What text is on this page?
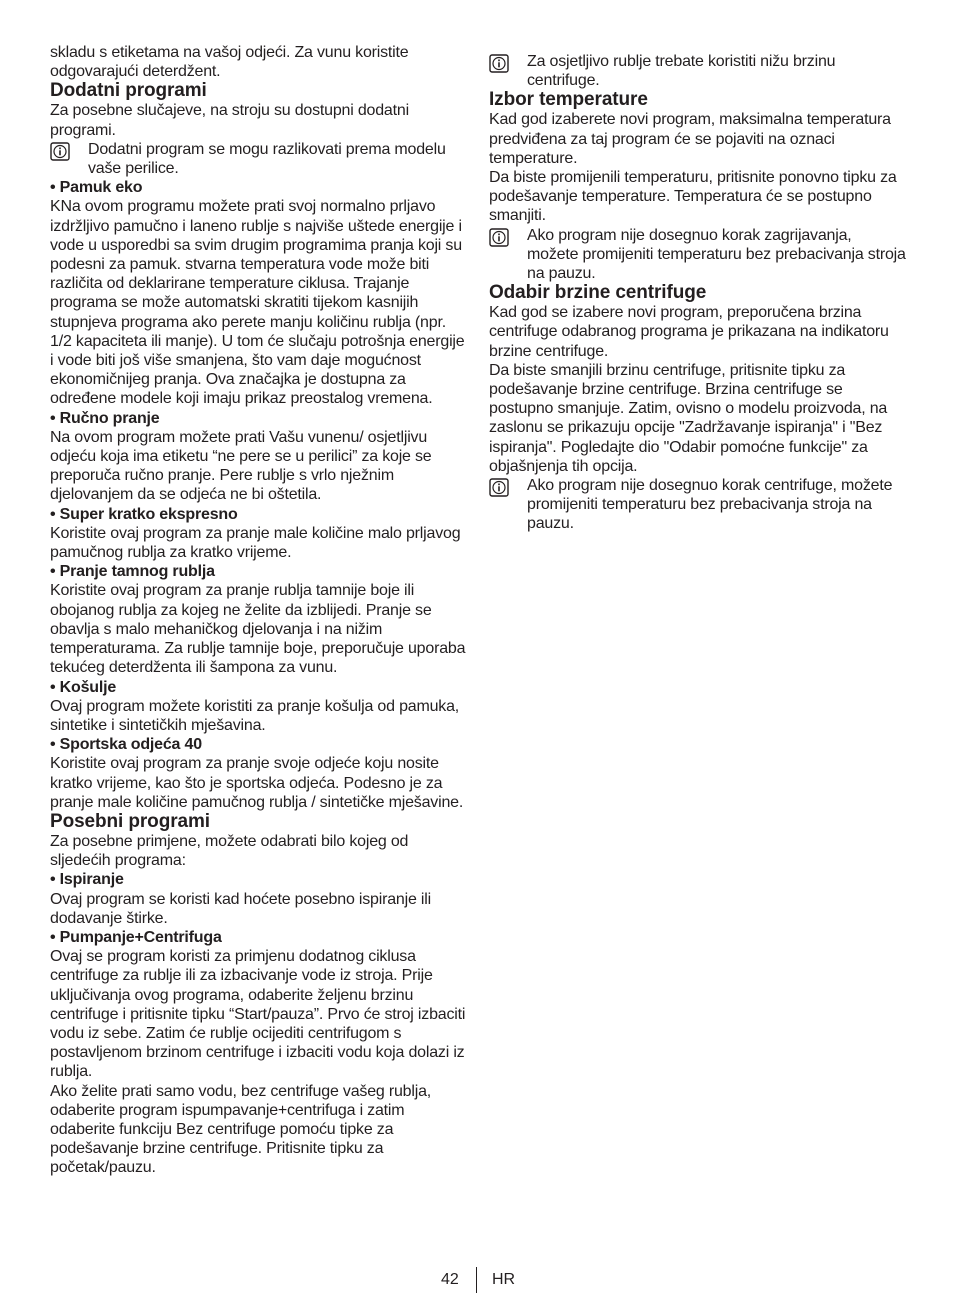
skladu s etiketama na vašoj odjeći. Za vunu koristite odgovarajući deterdžent.

Dodatni programi

Za posebne slučajeve, na stroju su dostupni dodatni programi.

Dodatni program se mogu razlikovati prema modelu vaše perilice.

• Pamuk eko

KNa ovom programu možete prati svoj normalno prljavo izdržljivo pamučno i laneno rublje s najviše uštede energije i vode u usporedbi sa svim drugim programima pranja koji su podesni za pamuk. stvarna temperatura vode može biti različita od deklarirane temperature ciklusa. Trajanje programa se može automatski skratiti tijekom kasnijih stupnjeva programa ako perete manju količinu rublja (npr. 1/2 kapaciteta ili manje). U tom će slučaju potrošnja energije i vode biti još više smanjena, što vam daje mogućnost ekonomičnijeg pranja. Ova značajka je dostupna za određene modele koji imaju prikaz preostalog vremena.

• Ručno pranje

Na ovom program možete prati Vašu vunenu/ osjetljivu odjeću koja ima etiketu “ne pere se u perilici” za koje se preporuča ručno pranje. Pere rublje s vrlo nježnim djelovanjem da se odjeća ne bi oštetila.

• Super kratko ekspresno

Koristite ovaj program za pranje male količine malo prljavog pamučnog rublja za kratko vrijeme.

• Pranje tamnog rublja

Koristite ovaj program za pranje rublja tamnije boje ili obojanog rublja za kojeg ne želite da izblijedi. Pranje se obavlja s malo mehaničkog djelovanja i na nižim temperaturama. Za rublje tamnije boje, preporučuje uporaba tekućeg deterdženta ili šampona za vunu.

• Košulje

Ovaj program možete koristiti za pranje košulja od pamuka, sintetike i sintetičkih mješavina.

• Sportska odjeća 40

Koristite ovaj program za pranje svoje odjeće koju nosite kratko vrijeme, kao što je sportska odjeća. Podesno je za pranje male količine pamučnog rublja / sintetičke mješavine.

Posebni programi

Za posebne primjene, možete odabrati bilo kojeg od sljedećih programa:

• Ispiranje

Ovaj program se koristi kad hoćete posebno ispiranje ili dodavanje štirke.

• Pumpanje+Centrifuga

Ovaj se program koristi za primjenu dodatnog ciklusa centrifuge za rublje ili za izbacivanje vode iz stroja. Prije uključivanja ovog programa, odaberite željenu brzinu centrifuge i pritisnite tipku “Start/pauza”. Prvo će stroj izbaciti vodu iz sebe. Zatim će rublje ocijediti centrifugom s postavljenom brzinom centrifuge i izbaciti vodu koja dolazi iz rublja.

Ako želite prati samo vodu, bez centrifuge vašeg rublja, odaberite program ispumpavanje+centrifuga i zatim odaberite funkciju Bez centrifuge pomoću tipke za podešavanje brzine centrifuge. Pritisnite tipku za početak/pauzu.

Za osjetljivo rublje trebate koristiti nižu brzinu centrifuge.

Izbor temperature

Kad god izaberete novi program, maksimalna temperatura predviđena za taj program će se pojaviti na oznaci temperature.

Da biste promijenili temperaturu, pritisnite ponovno tipku za podešavanje temperature. Temperatura će se postupno smanjiti.

Ako program nije dosegnuo korak zagrijavanja, možete promijeniti temperaturu bez prebacivanja stroja na pauzu.

Odabir brzine centrifuge

Kad god se izabere novi program, preporučena brzina centrifuge odabranog programa je prikazana na indikatoru brzine centrifuge.

Da biste smanjili brzinu centrifuge, pritisnite tipku za podešavanje brzine centrifuge. Brzina centrifuge se postupno smanjuje. Zatim, ovisno o modelu proizvoda, na zaslonu se prikazuju opcije "Zadržavanje ispiranja" i "Bez ispiranja". Pogledajte dio "Odabir pomoćne funkcije" za objašnjenja tih opcija.

Ako program nije dosegnuo korak centrifuge, možete promijeniti temperaturu bez prebacivanja stroja na pauzu.

42 HR
